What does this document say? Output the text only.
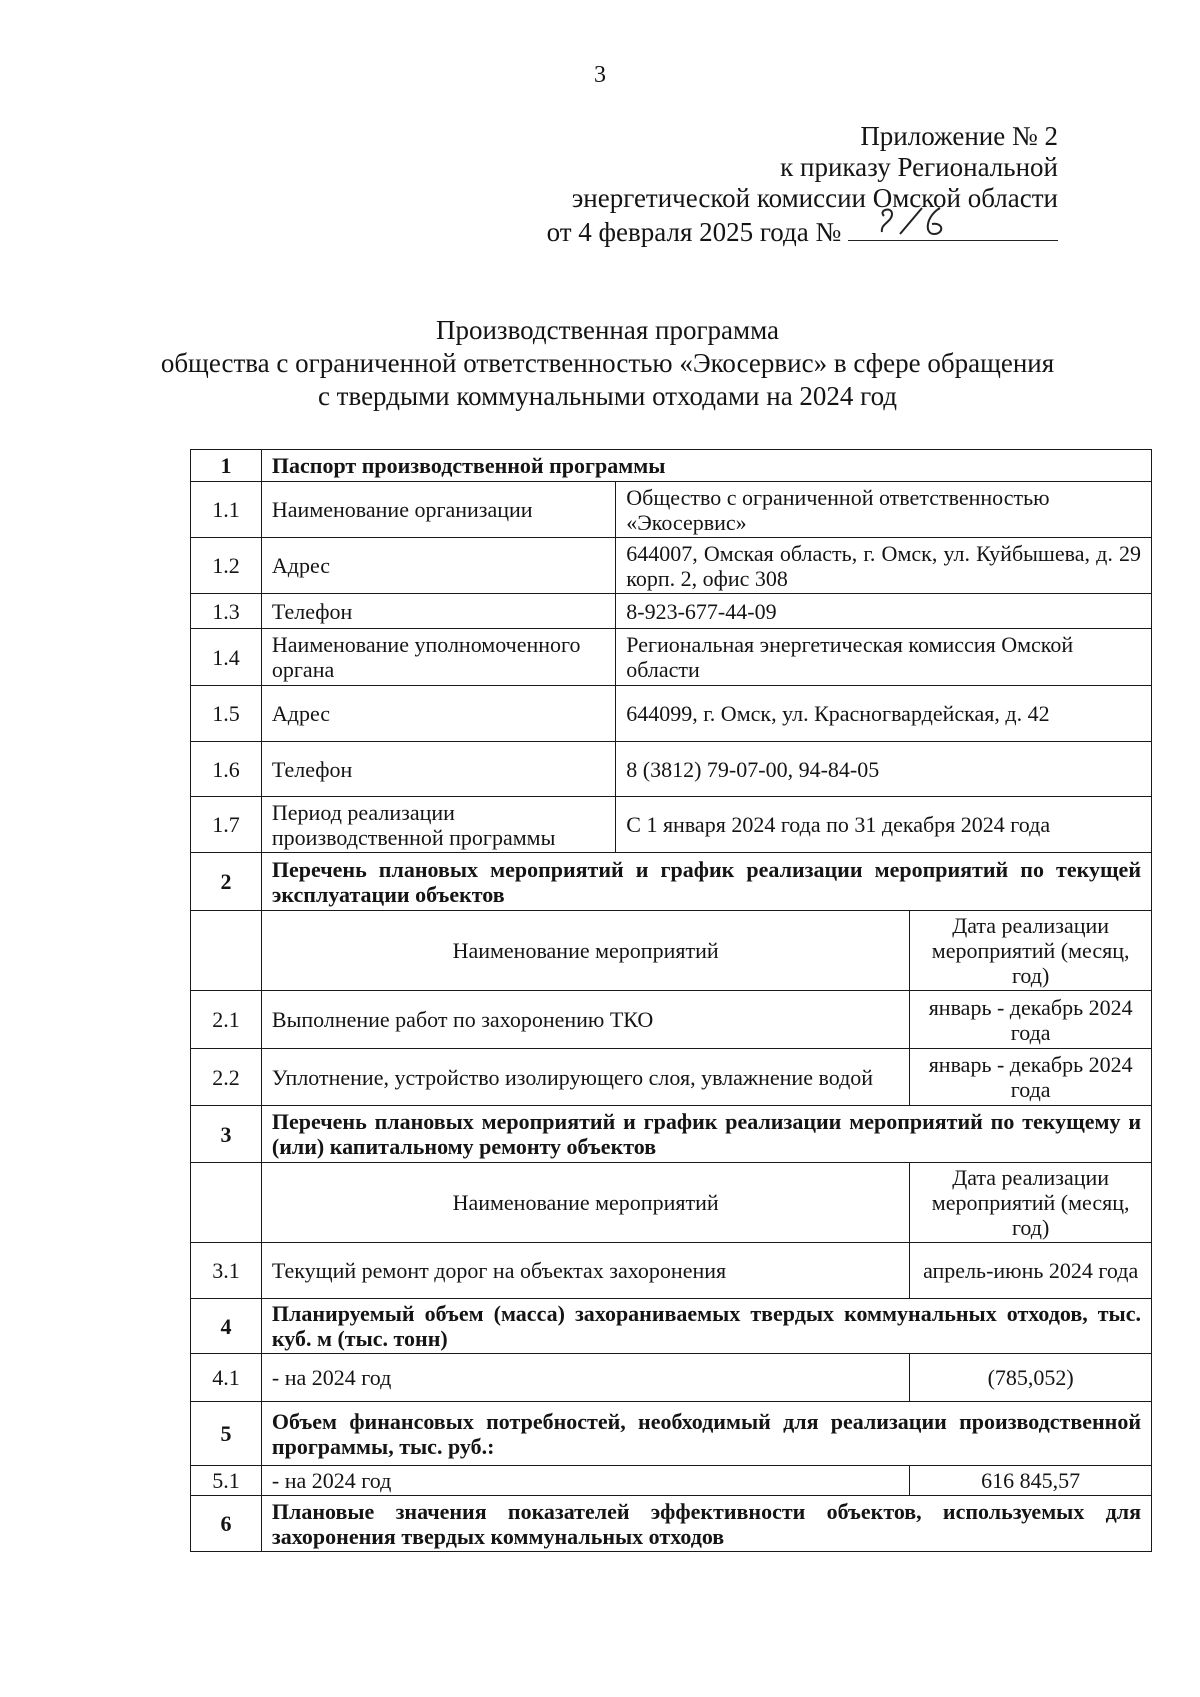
3
Приложение № 2
к приказу Региональной
энергетической комиссии Омской области
от 4 февраля 2025 года №
Производственная программа
общества с ограниченной ответственностью «Экосервис» в сфере обращения
с твердыми коммунальными отходами на 2024 год
1	Паспорт производственной программы		
1.1	Наименование организации	Общество с ограниченной ответственностью «Экосервис»	
1.2	Адрес	644007, Омская область, г. Омск, ул. Куйбышева, д. 29 корп. 2, офис 308	
1.3	Телефон	8-923-677-44-09	
1.4	Наименование уполномоченного органа	Региональная энергетическая комиссия Омской области	
1.5	Адрес	644099, г. Омск, ул. Красногвардейская, д. 42	
1.6	Телефон	8 (3812) 79-07-00, 94-84-05	
1.7	Период реализации производственной программы	С 1 января 2024 года по 31 декабря 2024 года	
2	Перечень плановых мероприятий и график реализации мероприятий по текущей эксплуатации объектов		
	Наименование мероприятий		Дата реализации мероприятий (месяц, год)
2.1	Выполнение работ по захоронению ТКО		январь - декабрь 2024 года
2.2	Уплотнение, устройство изолирующего слоя, увлажнение водой		январь - декабрь 2024 года
3	Перечень плановых мероприятий и график реализации мероприятий по текущему и (или) капитальному ремонту объектов		
	Наименование мероприятий		Дата реализации мероприятий (месяц, год)
3.1	Текущий ремонт дорог на объектах захоронения		апрель-июнь 2024 года
4	Планируемый объем (масса) захораниваемых твердых коммунальных отходов, тыс. куб. м (тыс. тонн)		
4.1	- на 2024 год		(785,052)
5	Объем финансовых потребностей, необходимый для реализации производственной программы, тыс. руб.:		
5.1	- на 2024 год		616 845,57
6	Плановые значения показателей эффективности объектов, используемых для захоронения твердых коммунальных отходов		
